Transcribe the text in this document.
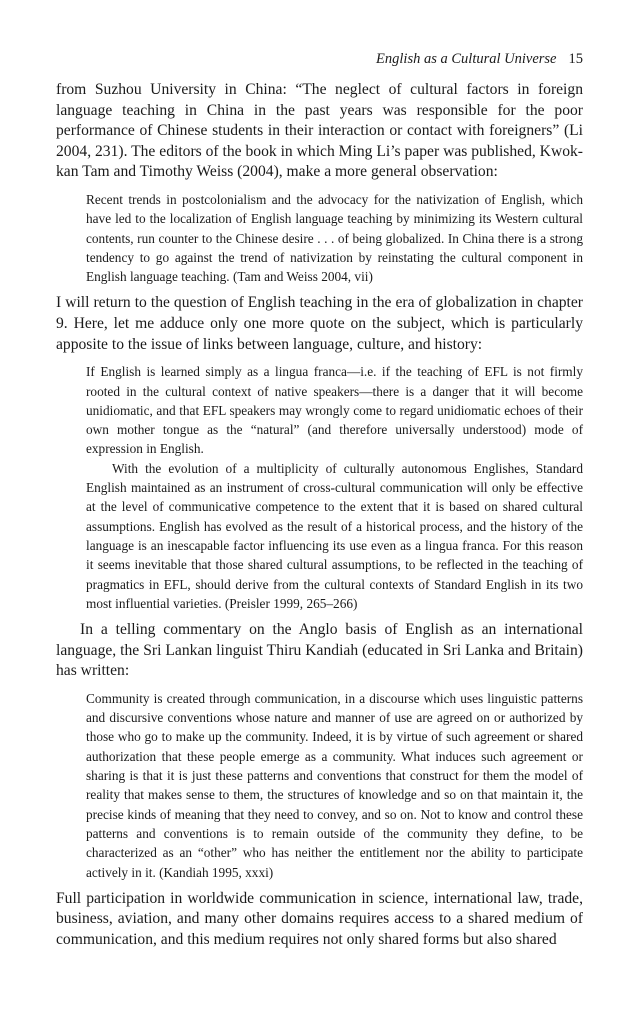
English as a Cultural Universe 15

from Suzhou University in China: “The neglect of cultural factors in foreign language teaching in China in the past years was responsible for the poor performance of Chinese students in their interaction or contact with foreigners” (Li 2004, 231). The editors of the book in which Ming Li’s paper was published, Kwok-kan Tam and Timothy Weiss (2004), make a more general observation:

Recent trends in postcolonialism and the advocacy for the nativization of English, which have led to the localization of English language teaching by minimizing its Western cultural contents, run counter to the Chinese desire . . . of being globalized. In China there is a strong tendency to go against the trend of nativization by reinstating the cultural component in English language teaching. (Tam and Weiss 2004, vii)

I will return to the question of English teaching in the era of globalization in chapter 9. Here, let me adduce only one more quote on the subject, which is particularly apposite to the issue of links between language, culture, and history:

If English is learned simply as a lingua franca—i.e. if the teaching of EFL is not firmly rooted in the cultural context of native speakers—there is a danger that it will become unidiomatic, and that EFL speakers may wrongly come to regard unidiomatic echoes of their own mother tongue as the “natural” (and therefore universally understood) mode of expression in English.

With the evolution of a multiplicity of culturally autonomous Englishes, Standard English maintained as an instrument of cross-cultural communication will only be effective at the level of communicative competence to the extent that it is based on shared cultural assumptions. English has evolved as the result of a historical process, and the history of the language is an inescapable factor influencing its use even as a lingua franca. For this reason it seems inevitable that those shared cultural assumptions, to be reflected in the teaching of pragmatics in EFL, should derive from the cultural contexts of Standard English in its two most influential varieties. (Preisler 1999, 265–266)

In a telling commentary on the Anglo basis of English as an international language, the Sri Lankan linguist Thiru Kandiah (educated in Sri Lanka and Britain) has written:

Community is created through communication, in a discourse which uses linguistic patterns and discursive conventions whose nature and manner of use are agreed on or authorized by those who go to make up the community. Indeed, it is by virtue of such agreement or shared authorization that these people emerge as a community. What induces such agreement or sharing is that it is just these patterns and conventions that construct for them the model of reality that makes sense to them, the structures of knowledge and so on that maintain it, the precise kinds of meaning that they need to convey, and so on. Not to know and control these patterns and conventions is to remain outside of the community they define, to be characterized as an “other” who has neither the entitlement nor the ability to participate actively in it. (Kandiah 1995, xxxi)

Full participation in worldwide communication in science, international law, trade, business, aviation, and many other domains requires access to a shared medium of communication, and this medium requires not only shared forms but also shared
